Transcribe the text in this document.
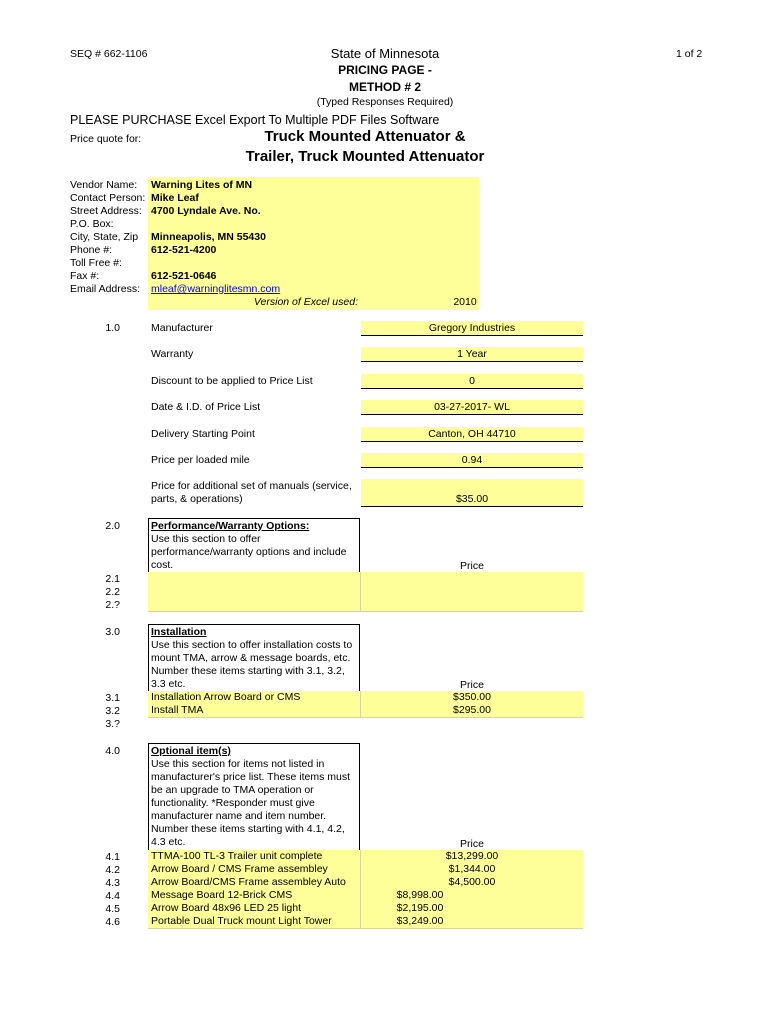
SEQ # 662-1106	1 of 2
State of Minnesota
PRICING PAGE -
METHOD # 2
(Typed Responses Required)
PLEASE PURCHASE Excel Export To Multiple PDF Files Software
Price quote for:	Truck Mounted Attenuator &
Trailer, Truck Mounted Attenuator
Vendor Name: Warning Lites of MN
Contact Person: Mike Leaf
Street Address: 4700 Lyndale Ave. No.
P.O. Box:
City, State, Zip Minneapolis, MN 55430
Phone #:	612-521-4200
Toll Free #:
Fax #:	612-521-0646
Email Address: mleaf@warninglitesmn.com
Version of Excel used:	2010
1.0	Manufacturer	Gregory Industries
Warranty	1 Year
Discount to be applied to Price List	0
Date & I.D. of Price List	03-27-2017- WL
Delivery Starting Point	Canton, OH 44710
Price per loaded mile	0.94
Price for additional set of manuals (service,
parts, & operations)	$35.00
2.0	Performance/Warranty Options:
Use this section to offer performance/warranty options and include cost.	Price
2.1
2.2
2.?
3.0	Installation
Use this section to offer installation costs to mount TMA, arrow & message boards, etc. Number these items starting with 3.1, 3.2, 3.3 etc.	Price
3.1	Installation Arrow Board or CMS	$350.00
3.2	Install TMA	$295.00
3.?
4.0	Optional item(s)
Use this section for items not listed in manufacturer's price list. These items must be an upgrade to TMA operation or functionality. *Responder must give manufacturer name and item number. Number these items starting with 4.1, 4.2, 4.3 etc.	Price
4.1	TTMA-100 TL-3 Trailer unit complete	$13,299.00
4.2	Arrow Board / CMS Frame assembley	$1,344.00
4.3	Arrow Board/CMS Frame assembley Auto	$4,500.00
4.4	Message Board 12-Brick CMS	$8,998.00
4.5	Arrow Board 48x96 LED 25 light	$2,195.00
4.6	Portable Dual Truck mount Light Tower	$3,249.00
